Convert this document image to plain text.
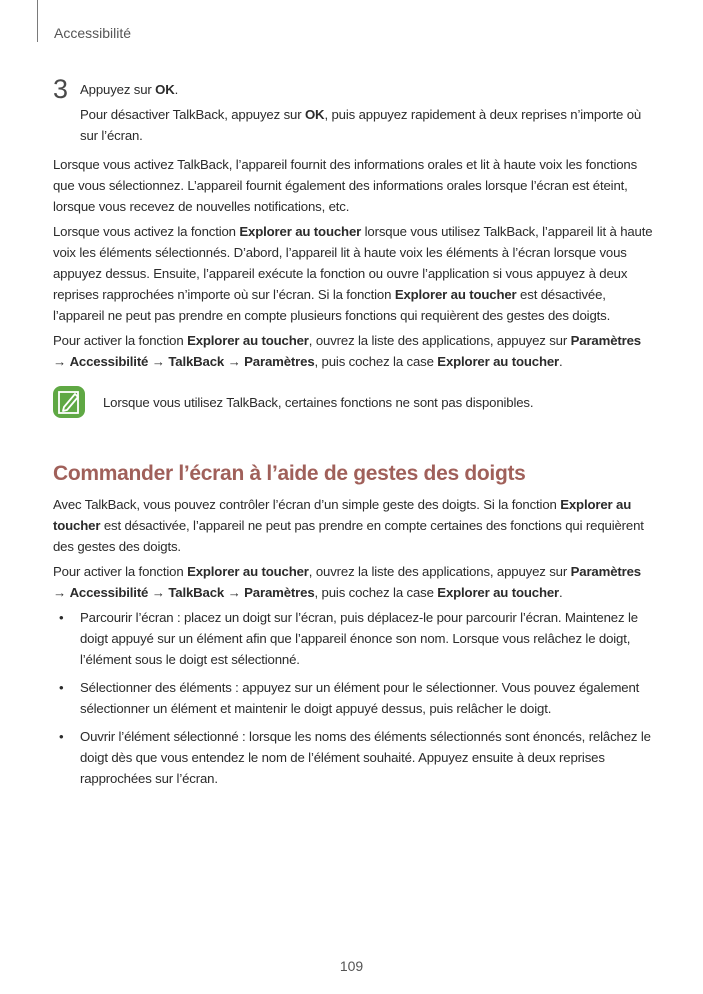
Accessibilité
3 Appuyez sur OK.

Pour désactiver TalkBack, appuyez sur OK, puis appuyez rapidement à deux reprises n’importe où sur l’écran.

Lorsque vous activez TalkBack, l’appareil fournit des informations orales et lit à haute voix les fonctions que vous sélectionnez. L’appareil fournit également des informations orales lorsque l’écran est éteint, lorsque vous recevez de nouvelles notifications, etc.

Lorsque vous activez la fonction Explorer au toucher lorsque vous utilisez TalkBack, l’appareil lit à haute voix les éléments sélectionnés. D’abord, l’appareil lit à haute voix les éléments à l’écran lorsque vous appuyez dessus. Ensuite, l’appareil exécute la fonction ou ouvre l’application si vous appuyez à deux reprises rapprochées n’importe où sur l’écran. Si la fonction Explorer au toucher est désactivée, l’appareil ne peut pas prendre en compte plusieurs fonctions qui requièrent des gestes des doigts.

Pour activer la fonction Explorer au toucher, ouvrez la liste des applications, appuyez sur Paramètres → Accessibilité → TalkBack → Paramètres, puis cochez la case Explorer au toucher.

Lorsque vous utilisez TalkBack, certaines fonctions ne sont pas disponibles.

Commander l’écran à l’aide de gestes des doigts

Avec TalkBack, vous pouvez contrôler l’écran d’un simple geste des doigts. Si la fonction Explorer au toucher est désactivée, l’appareil ne peut pas prendre en compte certaines des fonctions qui requièrent des gestes des doigts.

Pour activer la fonction Explorer au toucher, ouvrez la liste des applications, appuyez sur Paramètres → Accessibilité → TalkBack → Paramètres, puis cochez la case Explorer au toucher.

• Parcourir l’écran : placez un doigt sur l’écran, puis déplacez-le pour parcourir l’écran. Maintenez le doigt appuyé sur un élément afin que l’appareil énonce son nom. Lorsque vous relâchez le doigt, l’élément sous le doigt est sélectionné.
• Sélectionner des éléments : appuyez sur un élément pour le sélectionner. Vous pouvez également sélectionner un élément et maintenir le doigt appuyé dessus, puis relâcher le doigt.
• Ouvrir l’élément sélectionné : lorsque les noms des éléments sélectionnés sont énoncés, relâchez le doigt dès que vous entendez le nom de l’élément souhaité. Appuyez ensuite à deux reprises rapprochées sur l’écran.
109
